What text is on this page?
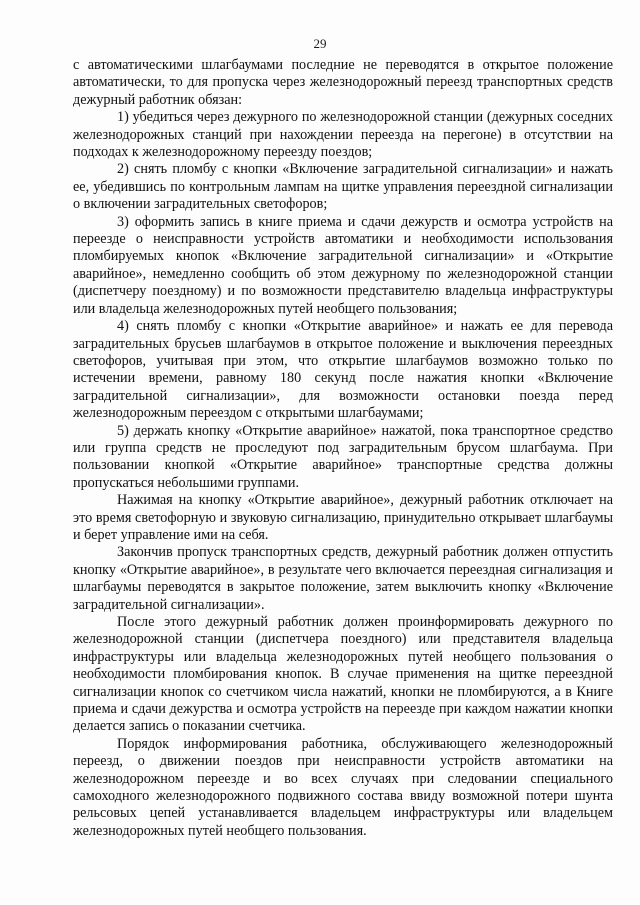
29

с автоматическими шлагбаумами последние не переводятся в открытое положение автоматически, то для пропуска через железнодорожный переезд транспортных средств дежурный работник обязан:

1) убедиться через дежурного по железнодорожной станции (дежурных соседних железнодорожных станций при нахождении переезда на перегоне) в отсутствии на подходах к железнодорожному переезду поездов;

2) снять пломбу с кнопки «Включение заградительной сигнализации» и нажать ее, убедившись по контрольным лампам на щитке управления переездной сигнализации о включении заградительных светофоров;

3) оформить запись в книге приема и сдачи дежурств и осмотра устройств на переезде о неисправности устройств автоматики и необходимости использования пломбируемых кнопок «Включение заградительной сигнализации» и «Открытие аварийное», немедленно сообщить об этом дежурному по железнодорожной станции (диспетчеру поездному) и по возможности представителю владельца инфраструктуры или владельца железнодорожных путей необщего пользования;

4) снять пломбу с кнопки «Открытие аварийное» и нажать ее для перевода заградительных брусьев шлагбаумов в открытое положение и выключения переездных светофоров, учитывая при этом, что открытие шлагбаумов возможно только по истечении времени, равному 180 секунд после нажатия кнопки «Включение заградительной сигнализации», для возможности остановки поезда перед железнодорожным переездом с открытыми шлагбаумами;

5) держать кнопку «Открытие аварийное» нажатой, пока транспортное средство или группа средств не проследуют под заградительным брусом шлагбаума. При пользовании кнопкой «Открытие аварийное» транспортные средства должны пропускаться небольшими группами.

Нажимая на кнопку «Открытие аварийное», дежурный работник отключает на это время светофорную и звуковую сигнализацию, принудительно открывает шлагбаумы и берет управление ими на себя.

Закончив пропуск транспортных средств, дежурный работник должен отпустить кнопку «Открытие аварийное», в результате чего включается переездная сигнализация и шлагбаумы переводятся в закрытое положение, затем выключить кнопку «Включение заградительной сигнализации».

После этого дежурный работник должен проинформировать дежурного по железнодорожной станции (диспетчера поездного) или представителя владельца инфраструктуры или владельца железнодорожных путей необщего пользования о необходимости пломбирования кнопок. В случае применения на щитке переездной сигнализации кнопок со счетчиком числа нажатий, кнопки не пломбируются, а в Книге приема и сдачи дежурства и осмотра устройств на переезде при каждом нажатии кнопки делается запись о показании счетчика.

Порядок информирования работника, обслуживающего железнодорожный переезд, о движении поездов при неисправности устройств автоматики на железнодорожном переезде и во всех случаях при следовании специального самоходного железнодорожного подвижного состава ввиду возможной потери шунта рельсовых цепей устанавливается владельцем инфраструктуры или владельцем железнодорожных путей необщего пользования.
